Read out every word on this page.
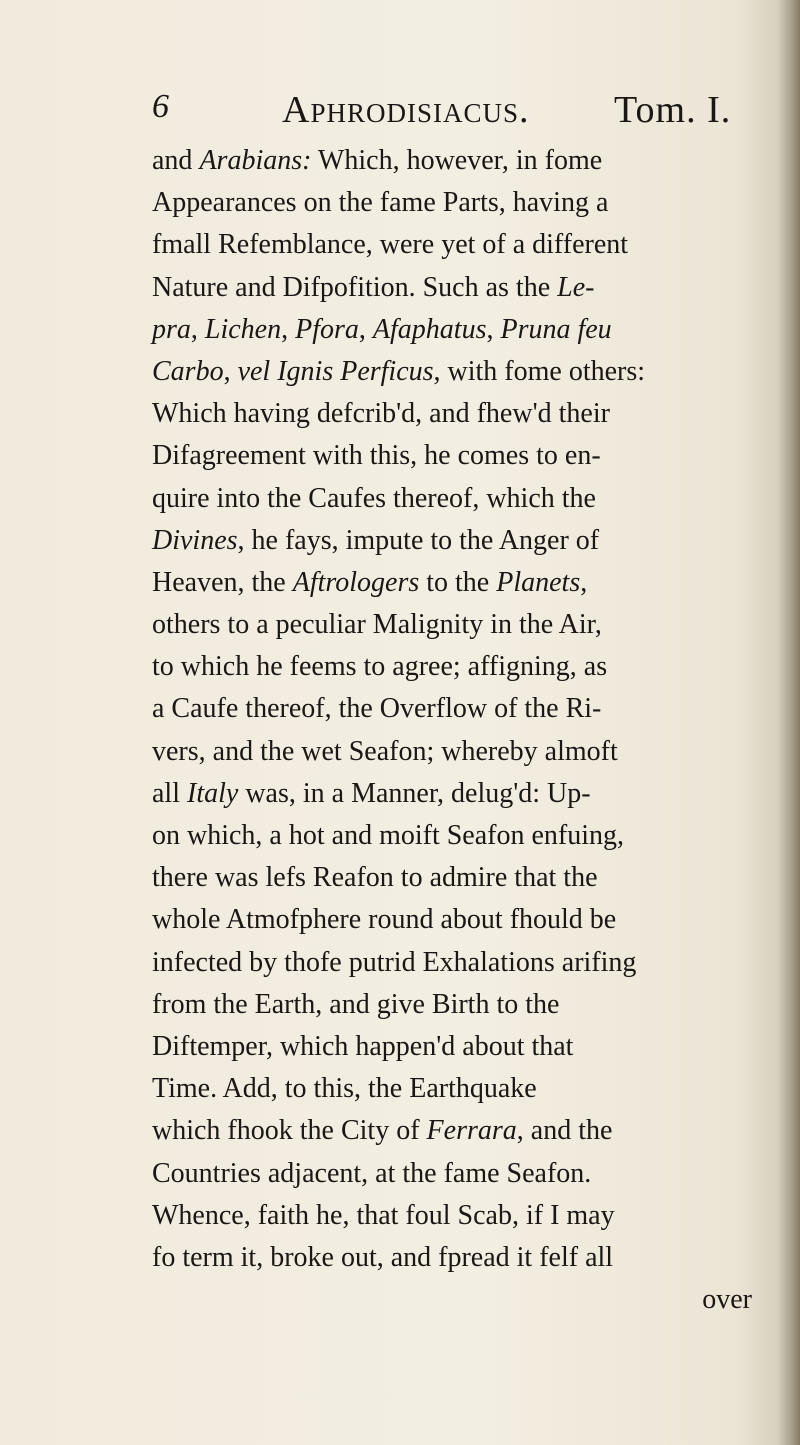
6	Aphrodisiacus. Tom. I.
and Arabians: Which, however, in fome
Appearances on the fame Parts, having a
fmall Refemblance, were yet of a different
Nature and Difpofition. Such as the Le-
pra, Lichen, Pfora, Afaphatus, Pruna feu
Carbo, vel Ignis Perficus, with fome others:
Which having defcrib'd, and fhew'd their
Difagreement with this, he comes to en-
quire into the Caufes thereof, which the
Divines, he fays, impute to the Anger of
Heaven, the Aftrologers to the Planets,
others to a peculiar Malignity in the Air,
to which he feems to agree; affigning, as
a Caufe thereof, the Overflow of the Ri-
vers, and the wet Seafon; whereby almoft
all Italy was, in a Manner, delug'd: Up-
on which, a hot and moift Seafon enfuing,
there was lefs Reafon to admire that the
whole Atmofphere round about fhould be
infected by thofe putrid Exhalations arifing
from the Earth, and give Birth to the
Diftemper, which happen'd about that
Time. Add, to this, the Earthquake
which fhook the City of Ferrara, and the
Countries adjacent, at the fame Seafon.
Whence, faith he, that foul Scab, if I may
fo term it, broke out, and fpread it felf all
over
